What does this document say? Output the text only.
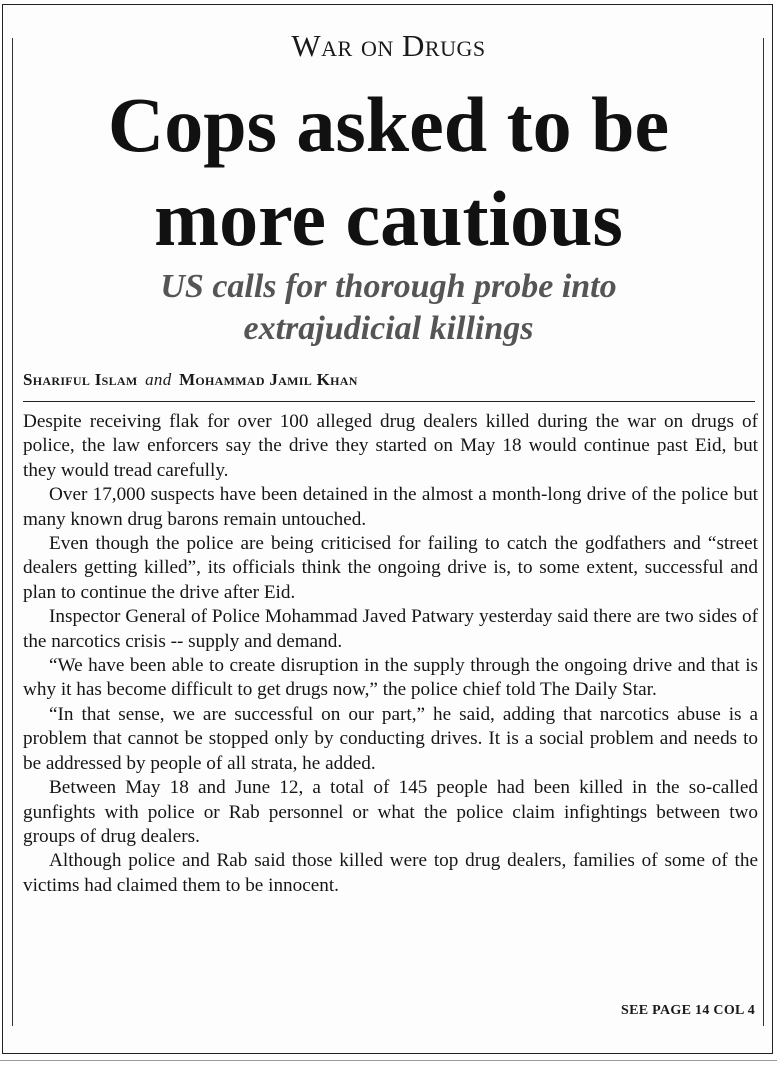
War on Drugs
Cops asked to be
more cautious
US calls for thorough probe into
extrajudicial killings
Shariful Islam and Mohammad Jamil Khan

Despite receiving flak for over 100 alleged drug dealers killed during the war on drugs of police, the law enforcers say the drive they started on May 18 would continue past Eid, but they would tread carefully.

Over 17,000 suspects have been detained in the almost a month-long drive of the police but many known drug barons remain untouched.

Even though the police are being criticised for failing to catch the godfathers and “street dealers getting killed”, its officials think the ongoing drive is, to some extent, successful and plan to continue the drive after Eid.

Inspector General of Police Mohammad Javed Patwary yesterday said there are two sides of the narcotics crisis -- supply and demand.

“We have been able to create disruption in the supply through the ongoing drive and that is why it has become difficult to get drugs now,” the police chief told The Daily Star.

“In that sense, we are successful on our part,” he said, adding that narcotics abuse is a problem that cannot be stopped only by conducting drives. It is a social problem and needs to be addressed by people of all strata, he added.

Between May 18 and June 12, a total of 145 people had been killed in the so-called gunfights with police or Rab personnel or what the police claim infightings between two groups of drug dealers.

Although police and Rab said those killed were top drug dealers, families of some of the victims had claimed them to be innocent.

SEE PAGE 14 COL 4
